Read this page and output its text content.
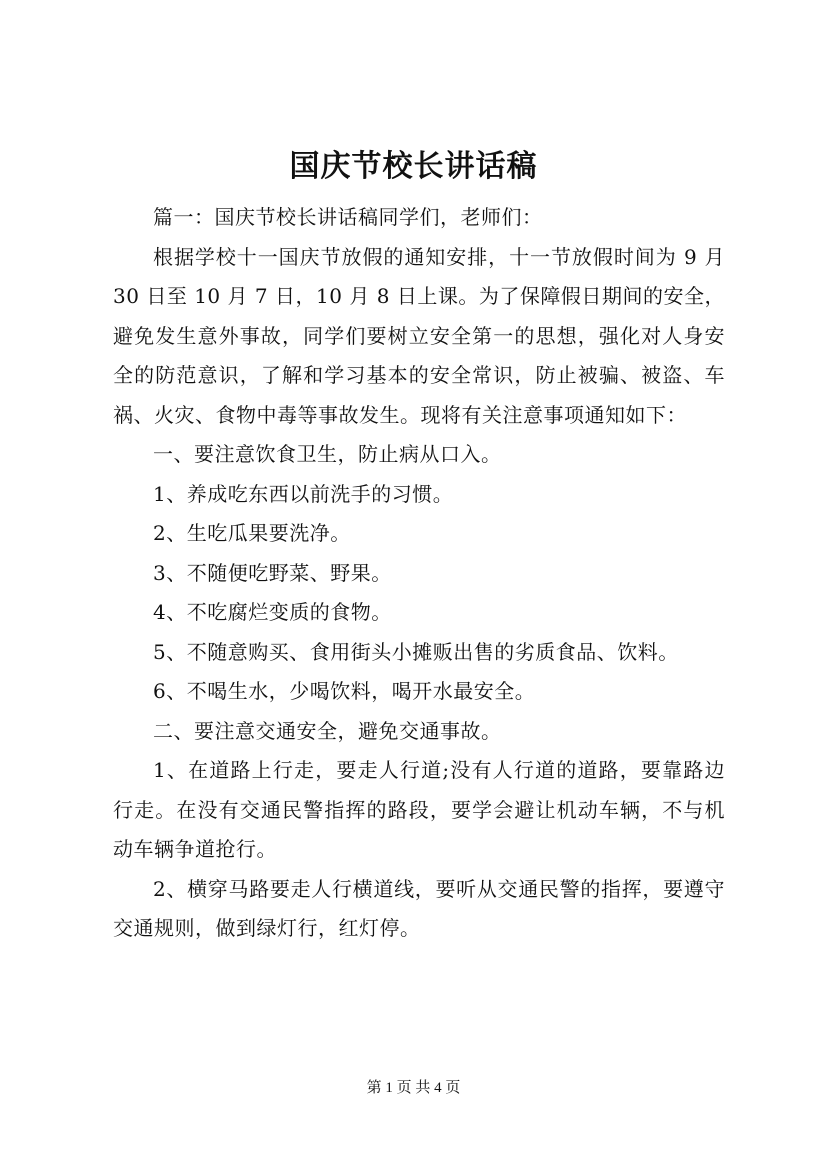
国庆节校长讲话稿

篇一：国庆节校长讲话稿同学们，老师们：

根据学校十一国庆节放假的通知安排，十一节放假时间为 9 月 30 日至 10 月 7 日，10 月 8 日上课。为了保障假日期间的安全，避免发生意外事故，同学们要树立安全第一的思想，强化对人身安全的防范意识，了解和学习基本的安全常识，防止被骗、被盗、车祸、火灾、食物中毒等事故发生。现将有关注意事项通知如下：

一、要注意饮食卫生，防止病从口入。

1、养成吃东西以前洗手的习惯。

2、生吃瓜果要洗净。

3、不随便吃野菜、野果。

4、不吃腐烂变质的食物。

5、不随意购买、食用街头小摊贩出售的劣质食品、饮料。

6、不喝生水，少喝饮料，喝开水最安全。

二、要注意交通安全，避免交通事故。

1、在道路上行走，要走人行道;没有人行道的道路，要靠路边行走。在没有交通民警指挥的路段，要学会避让机动车辆，不与机动车辆争道抢行。

2、横穿马路要走人行横道线，要听从交通民警的指挥，要遵守交通规则，做到绿灯行，红灯停。

第 1 页 共 4 页
